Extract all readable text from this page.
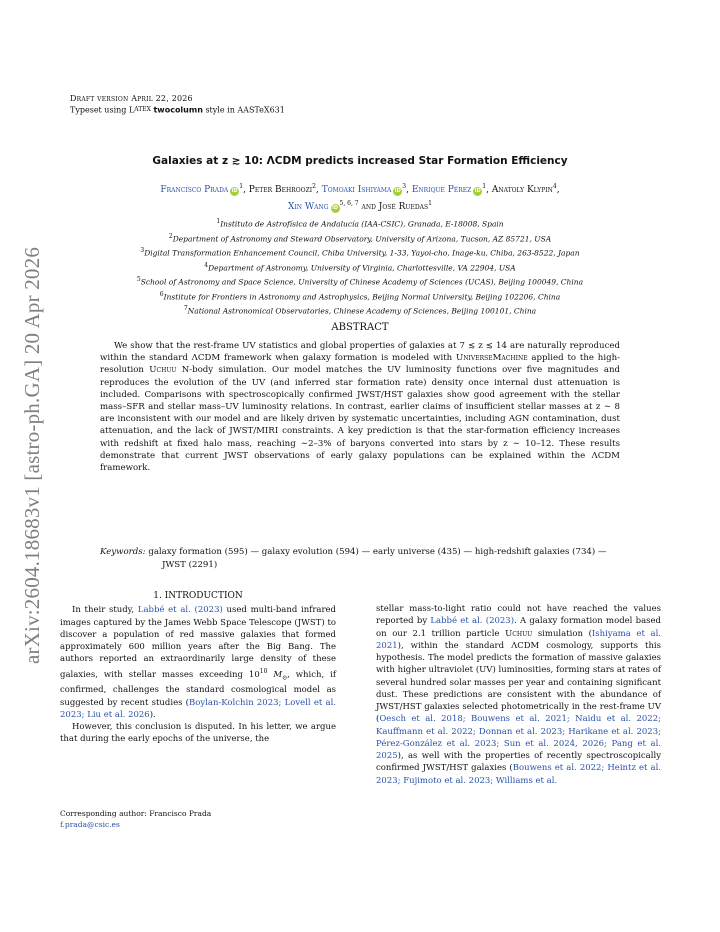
arXiv:2604.18683v1 [astro-ph.GA] 20 Apr 2026
Draft version April 22, 2026
Typeset using LATEX twocolumn style in AASTeX631
Galaxies at z ≳ 10: ΛCDM predicts increased Star Formation Efficiency
Francisco Prada $iD^1$, Peter Behroozi$^2$, Tomoaki Ishiyama $iD^3$, Enrique Pérez $iD^1$, Anatoly Klypin$^4$,
Xin Wang iD$^{5, 6, 7}$ and José Ruedas$^1$
$^1$Instituto de Astrofísica de Andalucía (IAA-CSIC), Granada, E-18008, Spain
$^2$Department of Astronomy and Steward Observatory, University of Arizona, Tucson, AZ 85721, USA
$^3$Digital Transformation Enhancement Council, Chiba University, 1-33, Yayoi-cho, Inage-ku, Chiba, 263-8522, Japan
$^4$Department of Astronomy, University of Virginia, Charlottesville, VA 22904, USA
$^5$School of Astronomy and Space Science, University of Chinese Academy of Sciences (UCAS), Beijing 100049, China
$^6$Institute for Frontiers in Astronomy and Astrophysics, Beijing Normal University, Beijing 102206, China
$^7$National Astronomical Observatories, Chinese Academy of Sciences, Beijing 100101, China
ABSTRACT
We show that the rest-frame UV statistics and global properties of galaxies at 7 ≲ z ≲ 14 are naturally reproduced within the standard ΛCDM framework when galaxy formation is modeled with UniverseMachine applied to the high-resolution Uchuu N-body simulation. Our model matches the UV luminosity functions over five magnitudes and reproduces the evolution of the UV (and inferred star formation rate) density once internal dust attenuation is included. Comparisons with spectroscopically confirmed JWST/HST galaxies show good agreement with the stellar mass–SFR and stellar mass–UV luminosity relations. In contrast, earlier claims of insufficient stellar masses at z ∼ 8 are inconsistent with our model and are likely driven by systematic uncertainties, including AGN contamination, dust attenuation, and the lack of JWST/MIRI constraints. A key prediction is that the star-formation efficiency increases with redshift at fixed halo mass, reaching ∼2–3% of baryons converted into stars by z ∼ 10–12. These results demonstrate that current JWST observations of early galaxy populations can be explained within the ΛCDM framework.
Keywords: galaxy formation (595) — galaxy evolution (594) — early universe (435) — high-redshift galaxies (734) — JWST (2291)
1. INTRODUCTION

In their study, Labbé et al. (2023) used multi-band infrared images captured by the James Webb Space Telescope (JWST) to discover a population of red massive galaxies that formed approximately 600 million years after the Big Bang. The authors reported an extraordinarily large density of these galaxies, with stellar masses exceeding $10^{10}$ $M_⊙$, which, if confirmed, challenges the standard cosmological model as suggested by recent studies (Boylan-Kolchin 2023; Lovell et al. 2023; Liu et al. 2026).

However, this conclusion is disputed. In his letter, we argue that during the early epochs of the universe, the

stellar mass-to-light ratio could not have reached the values reported by Labbé et al. (2023). A galaxy formation model based on our 2.1 trillion particle Uchuu simulation (Ishiyama et al. 2021), within the standard ΛCDM cosmology, supports this hypothesis. The model predicts the formation of massive galaxies with higher ultraviolet (UV) luminosities, forming stars at rates of several hundred solar masses per year and containing significant dust. These predictions are consistent with the abundance of JWST/HST galaxies selected photometrically in the rest-frame UV (Oesch et al. 2018; Bouwens et al. 2021; Naidu et al. 2022; Kauffmann et al. 2022; Donnan et al. 2023; Harikane et al. 2023; Pérez-González et al. 2023; Sun et al. 2024, 2026; Pang et al. 2025), as well with the properties of recently spectroscopically confirmed JWST/HST galaxies (Bouwens et al. 2022; Heintz et al. 2023; Fujimoto et al. 2023; Williams et al.

Corresponding author: Francisco Prada
f.prada@csic.es
